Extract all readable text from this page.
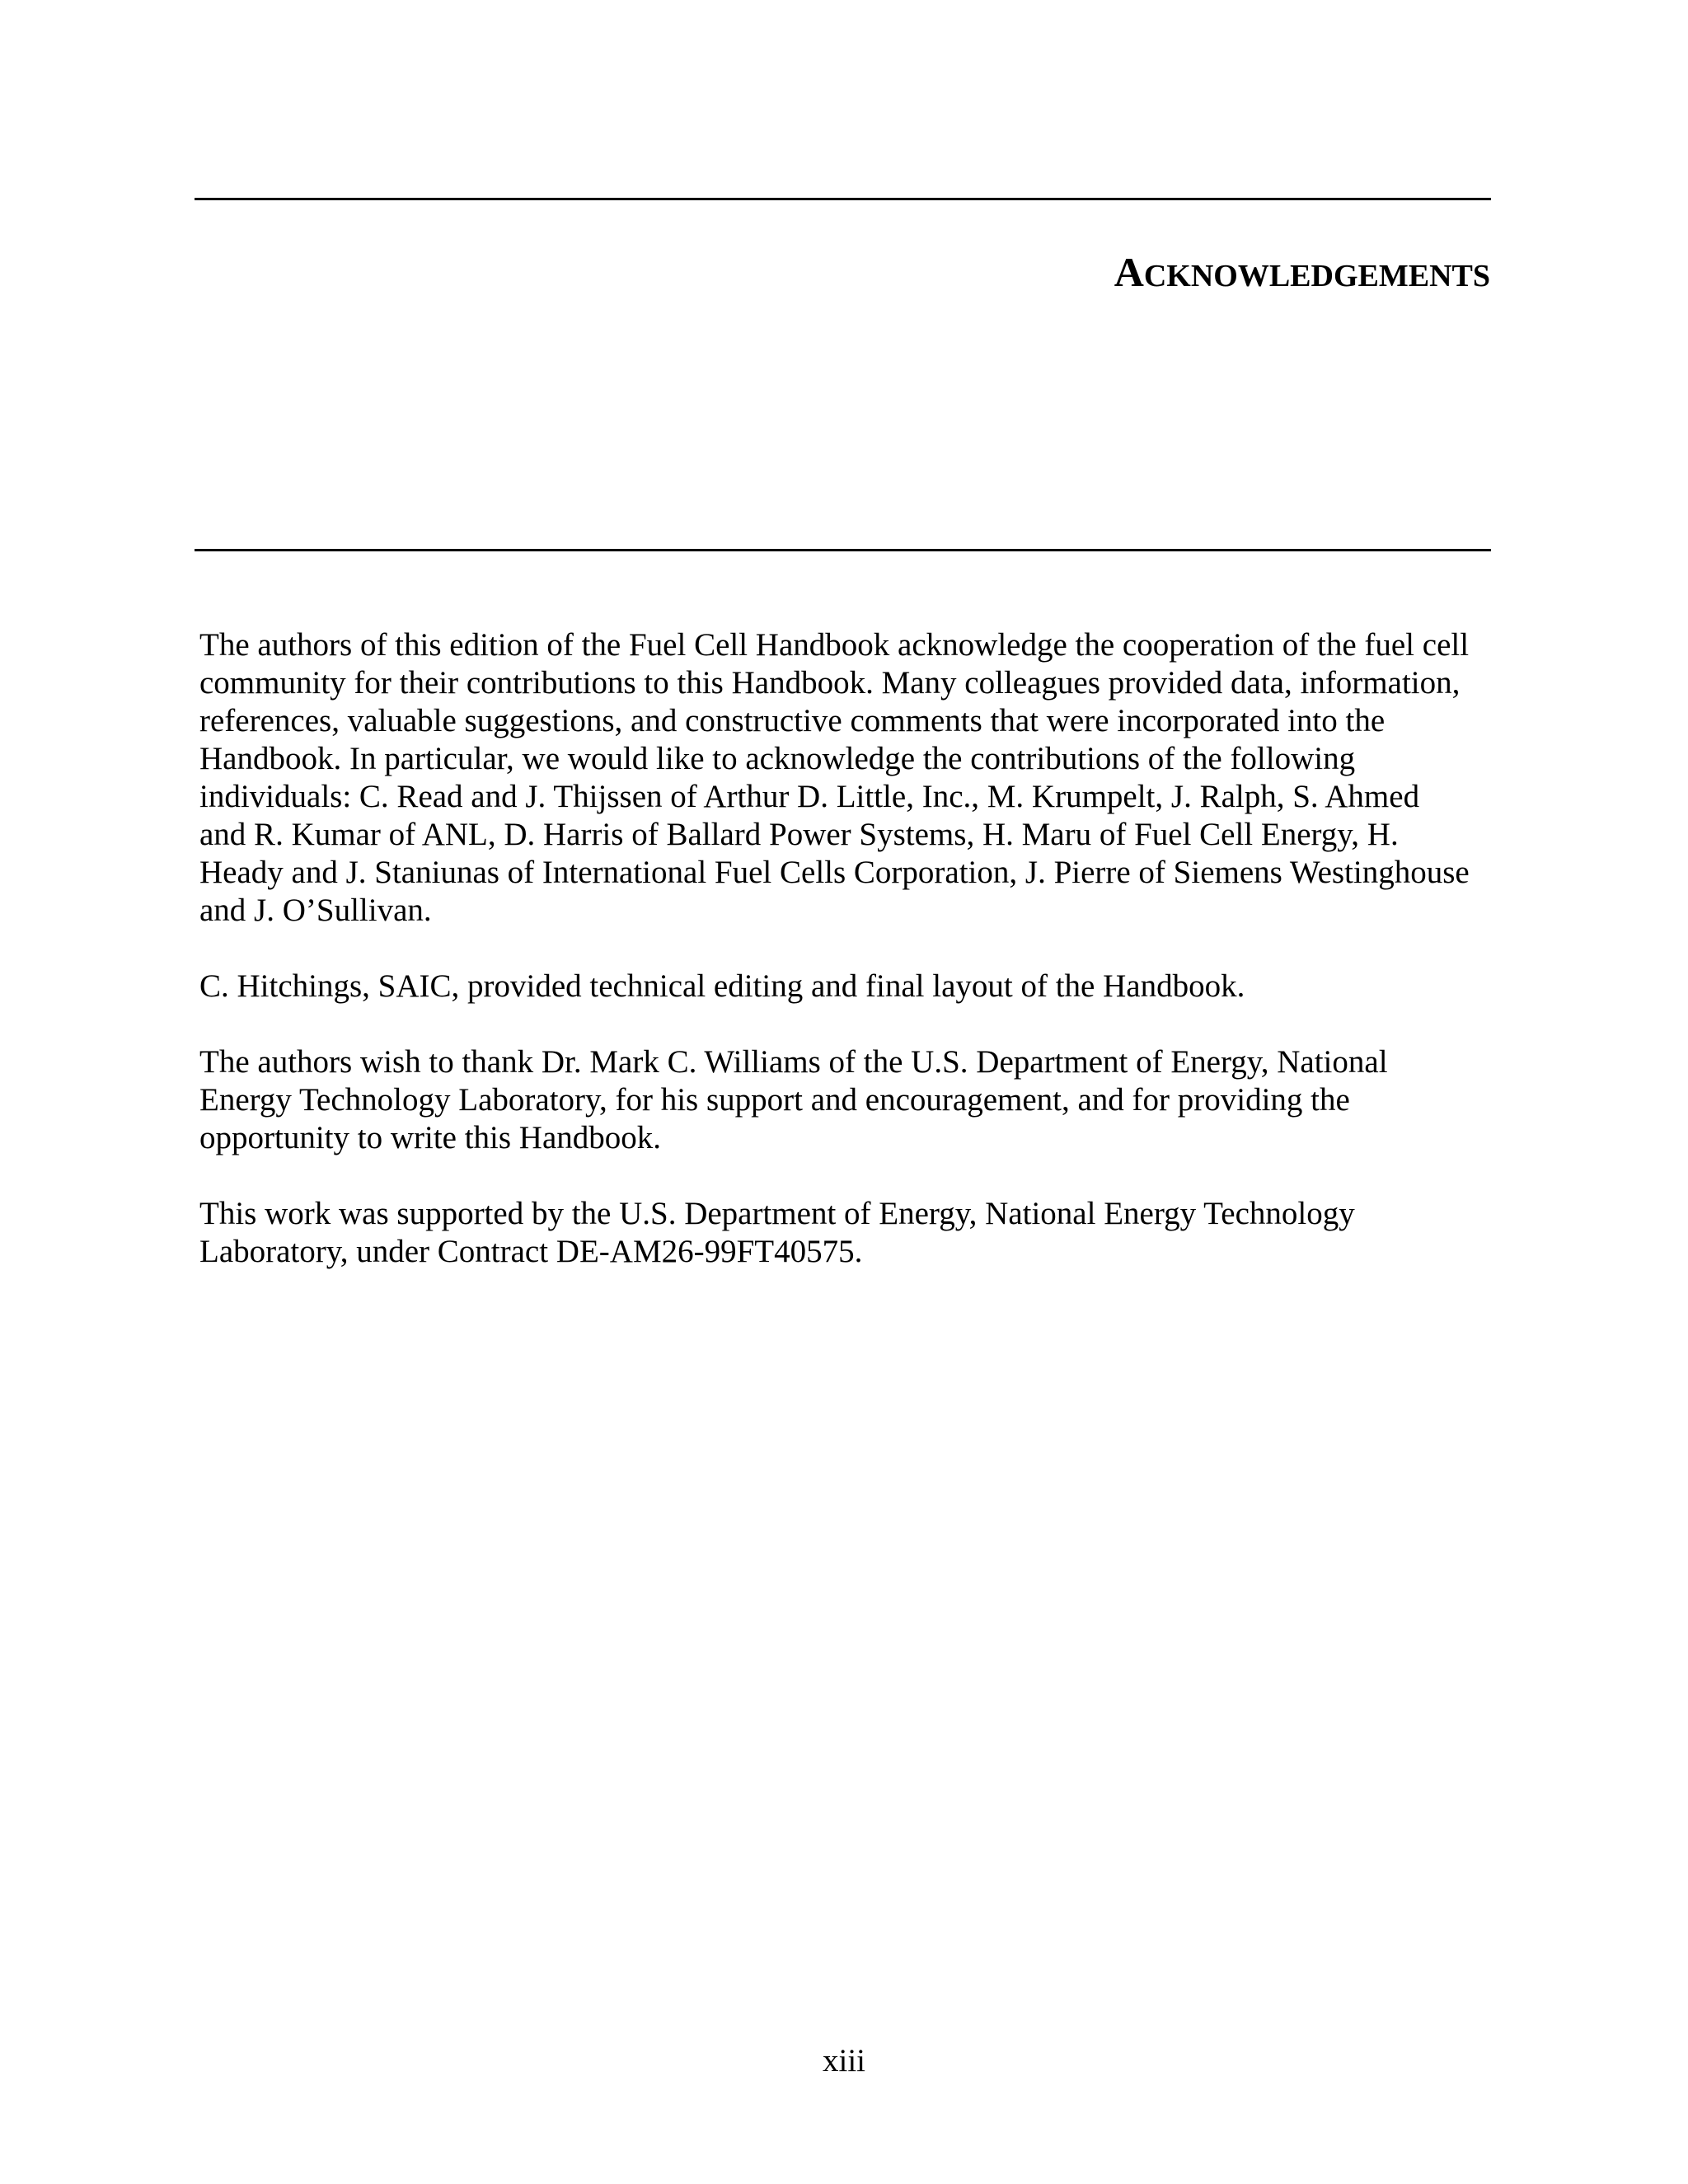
ACKNOWLEDGEMENTS

The authors of this edition of the Fuel Cell Handbook acknowledge the cooperation of the fuel cell
community for their contributions to this Handbook. Many colleagues provided data, information,
references, valuable suggestions, and constructive comments that were incorporated into the
Handbook. In particular, we would like to acknowledge the contributions of the following
individuals: C. Read and J. Thijssen of Arthur D. Little, Inc., M. Krumpelt, J. Ralph, S. Ahmed
and R. Kumar of ANL, D. Harris of Ballard Power Systems, H. Maru of Fuel Cell Energy, H.
Heady and J. Staniunas of International Fuel Cells Corporation, J. Pierre of Siemens Westinghouse
and J. O’Sullivan.

C. Hitchings, SAIC, provided technical editing and final layout of the Handbook.

The authors wish to thank Dr. Mark C. Williams of the U.S. Department of Energy, National
Energy Technology Laboratory, for his support and encouragement, and for providing the
opportunity to write this Handbook.

This work was supported by the U.S. Department of Energy, National Energy Technology
Laboratory, under Contract DE-AM26-99FT40575.

xiii
